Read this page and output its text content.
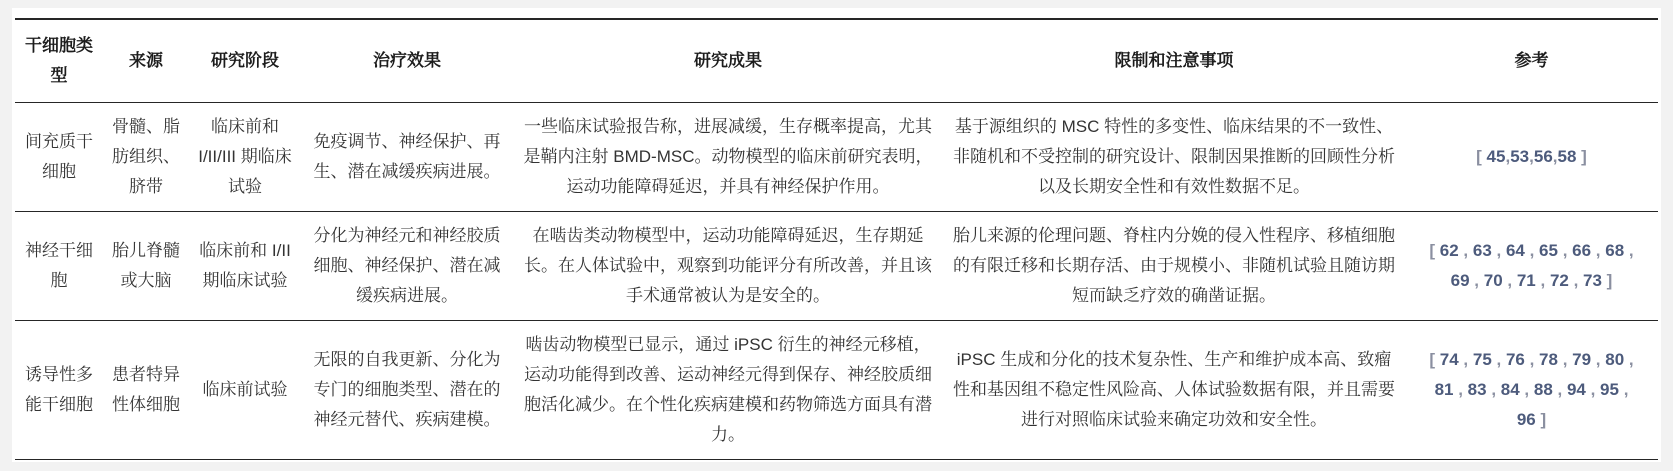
干细胞类型	来源	研究阶段	治疗效果	研究成果	限制和注意事项	参考
间充质干细胞	骨髓、脂肪组织、脐带	临床前和 I/II/III 期临床试验	免疫调节、神经保护、再生、潜在减缓疾病进展。	一些临床试验报告称，进展减缓，生存概率提高，尤其是鞘内注射 BMD-MSC。动物模型的临床前研究表明，运动功能障碍延迟，并具有神经保护作用。	基于源组织的 MSC 特性的多变性、临床结果的不一致性、非随机和不受控制的研究设计、限制因果推断的回顾性分析以及长期安全性和有效性数据不足。	[ 45,53,56,58 ]
神经干细胞	胎儿脊髓或大脑	临床前和 I/II 期临床试验	分化为神经元和神经胶质细胞、神经保护、潜在减缓疾病进展。	在啮齿类动物模型中，运动功能障碍延迟，生存期延长。在人体试验中，观察到功能评分有所改善，并且该手术通常被认为是安全的。	胎儿来源的伦理问题、脊柱内分娩的侵入性程序、移植细胞的有限迁移和长期存活、由于规模小、非随机试验且随访期短而缺乏疗效的确凿证据。	[ 62 , 63 , 64 , 65 , 66 , 68 , 69 , 70 , 71 , 72 , 73 ]
诱导性多能干细胞	患者特异性体细胞	临床前试验	无限的自我更新、分化为专门的细胞类型、潜在的神经元替代、疾病建模。	啮齿动物模型已显示，通过 iPSC 衍生的神经元移植，运动功能得到改善、运动神经元得到保存、神经胶质细胞活化减少。在个性化疾病建模和药物筛选方面具有潜力。	iPSC 生成和分化的技术复杂性、生产和维护成本高、致瘤性和基因组不稳定性风险高、人体试验数据有限，并且需要进行对照临床试验来确定功效和安全性。	[ 74 , 75 , 76 , 78 , 79 , 80 , 81 , 83 , 84 , 88 , 94 , 95 , 96 ]
